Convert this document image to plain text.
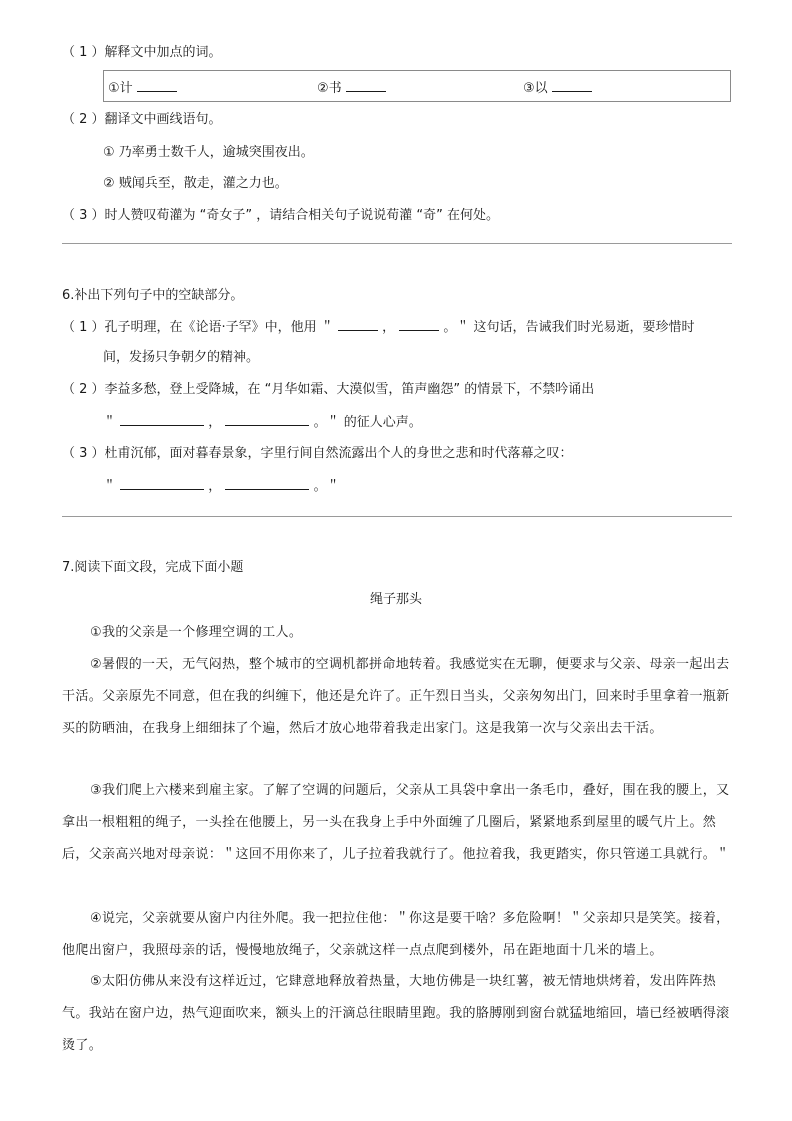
（ 1 ）解释文中加点的词。
①计	②书	③以
（ 2 ）翻译文中画线语句。
① 乃率勇士数千人，逾城突围夜出。
② 贼闻兵至，散走，灌之力也。
（ 3 ）时人赞叹荀灌为 “奇女子” ，请结合相关句子说说荀灌 “奇” 在何处。
6.补出下列句子中的空缺部分。
（ 1 ）孔子明理，在《论语·子罕》中，他用 ＂	，	。＂ 这句话，告诫我们时光易逝，要珍惜时
间，发扬只争朝夕的精神。
（ 2 ）李益多愁，登上受降城，在 “月华如霜、大漠似雪，笛声幽怨” 的情景下，不禁吟诵出
＂	，	。＂ 的征人心声。
（ 3 ）杜甫沉郁，面对暮春景象，字里行间自然流露出个人的身世之悲和时代落幕之叹：
＂	，	。＂
7.阅读下面文段，完成下面小题
绳子那头
①我的父亲是一个修理空调的工人。
②暑假的一天，无气闷热，整个城市的空调机都拼命地转着。我感觉实在无聊，便要求与父亲、母亲一起出去干活。父亲原先不同意，但在我的纠缠下，他还是允许了。正午烈日当头，父亲匆匆出门，回来时手里拿着一瓶新买的防晒油，在我身上细细抹了个遍，然后才放心地带着我走出家门。这是我第一次与父亲出去干活。
③我们爬上六楼来到雇主家。了解了空调的问题后，父亲从工具袋中拿出一条毛巾，叠好，围在我的腰上，又拿出一根粗粗的绳子，一头拴在他腰上，另一头在我身上手中外面缠了几圈后，紧紧地系到屋里的暖气片上。然后，父亲高兴地对母亲说：＂这回不用你来了，儿子拉着我就行了。他拉着我，我更踏实，你只管递工具就行。＂
④说完，父亲就要从窗户内往外爬。我一把拉住他：＂你这是要干啥？多危险啊！＂父亲却只是笑笑。接着，他爬出窗户，我照母亲的话，慢慢地放绳子，父亲就这样一点点爬到楼外，吊在距地面十几米的墙上。
⑤太阳仿佛从来没有这样近过，它肆意地释放着热量，大地仿佛是一块红薯，被无情地烘烤着，发出阵阵热气。我站在窗户边，热气迎面吹来，额头上的汗滴总往眼睛里跑。我的胳膊刚到窗台就猛地缩回，墙已经被晒得滚烫了。
